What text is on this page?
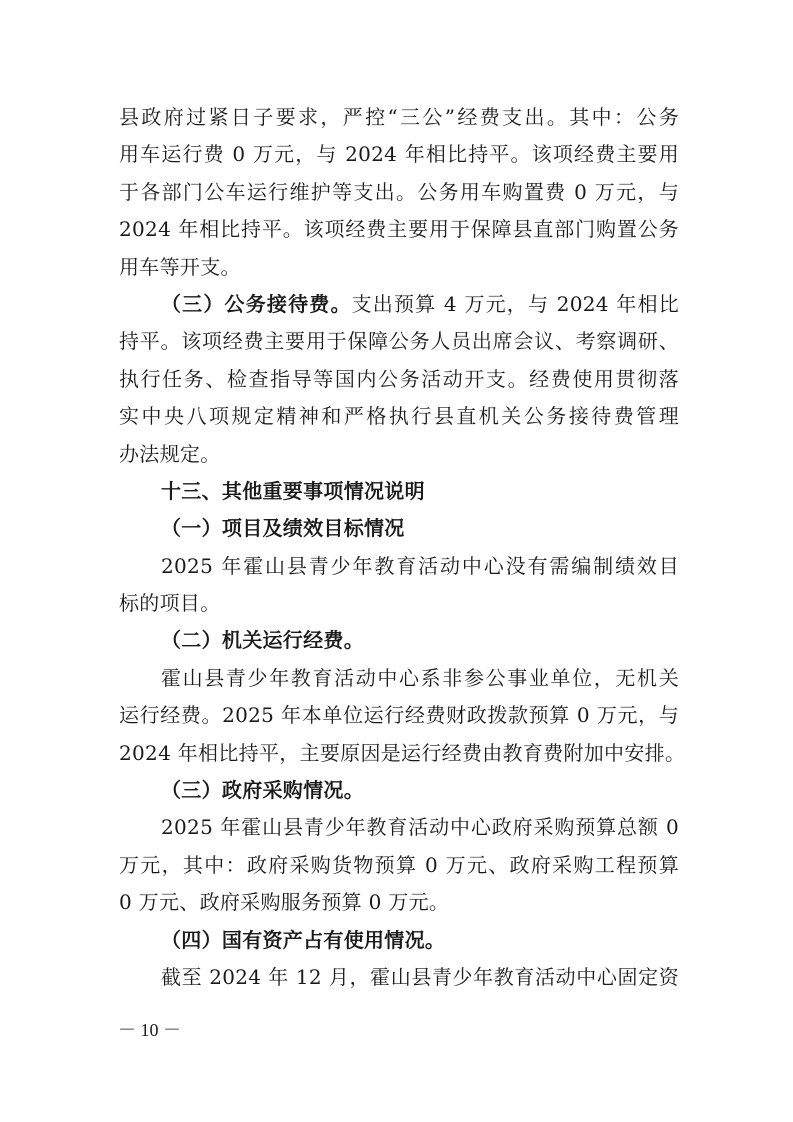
县政府过紧日子要求，严控“三公”经费支出。其中：公务
用车运行费 0 万元，与 2024 年相比持平。该项经费主要用
于各部门公车运行维护等支出。公务用车购置费 0 万元，与
2024 年相比持平。该项经费主要用于保障县直部门购置公务
用车等开支。
（三）公务接待费。支出预算 4 万元，与 2024 年相比
持平。该项经费主要用于保障公务人员出席会议、考察调研、
执行任务、检查指导等国内公务活动开支。经费使用贯彻落
实中央八项规定精神和严格执行县直机关公务接待费管理
办法规定。
十三、其他重要事项情况说明
（一）项目及绩效目标情况
2025 年霍山县青少年教育活动中心没有需编制绩效目
标的项目。
（二）机关运行经费。
霍山县青少年教育活动中心系非参公事业单位，无机关
运行经费。2025 年本单位运行经费财政拨款预算 0 万元，与
2024 年相比持平，主要原因是运行经费由教育费附加中安排。
（三）政府采购情况。
2025 年霍山县青少年教育活动中心政府采购预算总额 0
万元，其中：政府采购货物预算 0 万元、政府采购工程预算
0 万元、政府采购服务预算 0 万元。
（四）国有资产占有使用情况。
截至 2024 年 12 月，霍山县青少年教育活动中心固定资
－ 10 －
